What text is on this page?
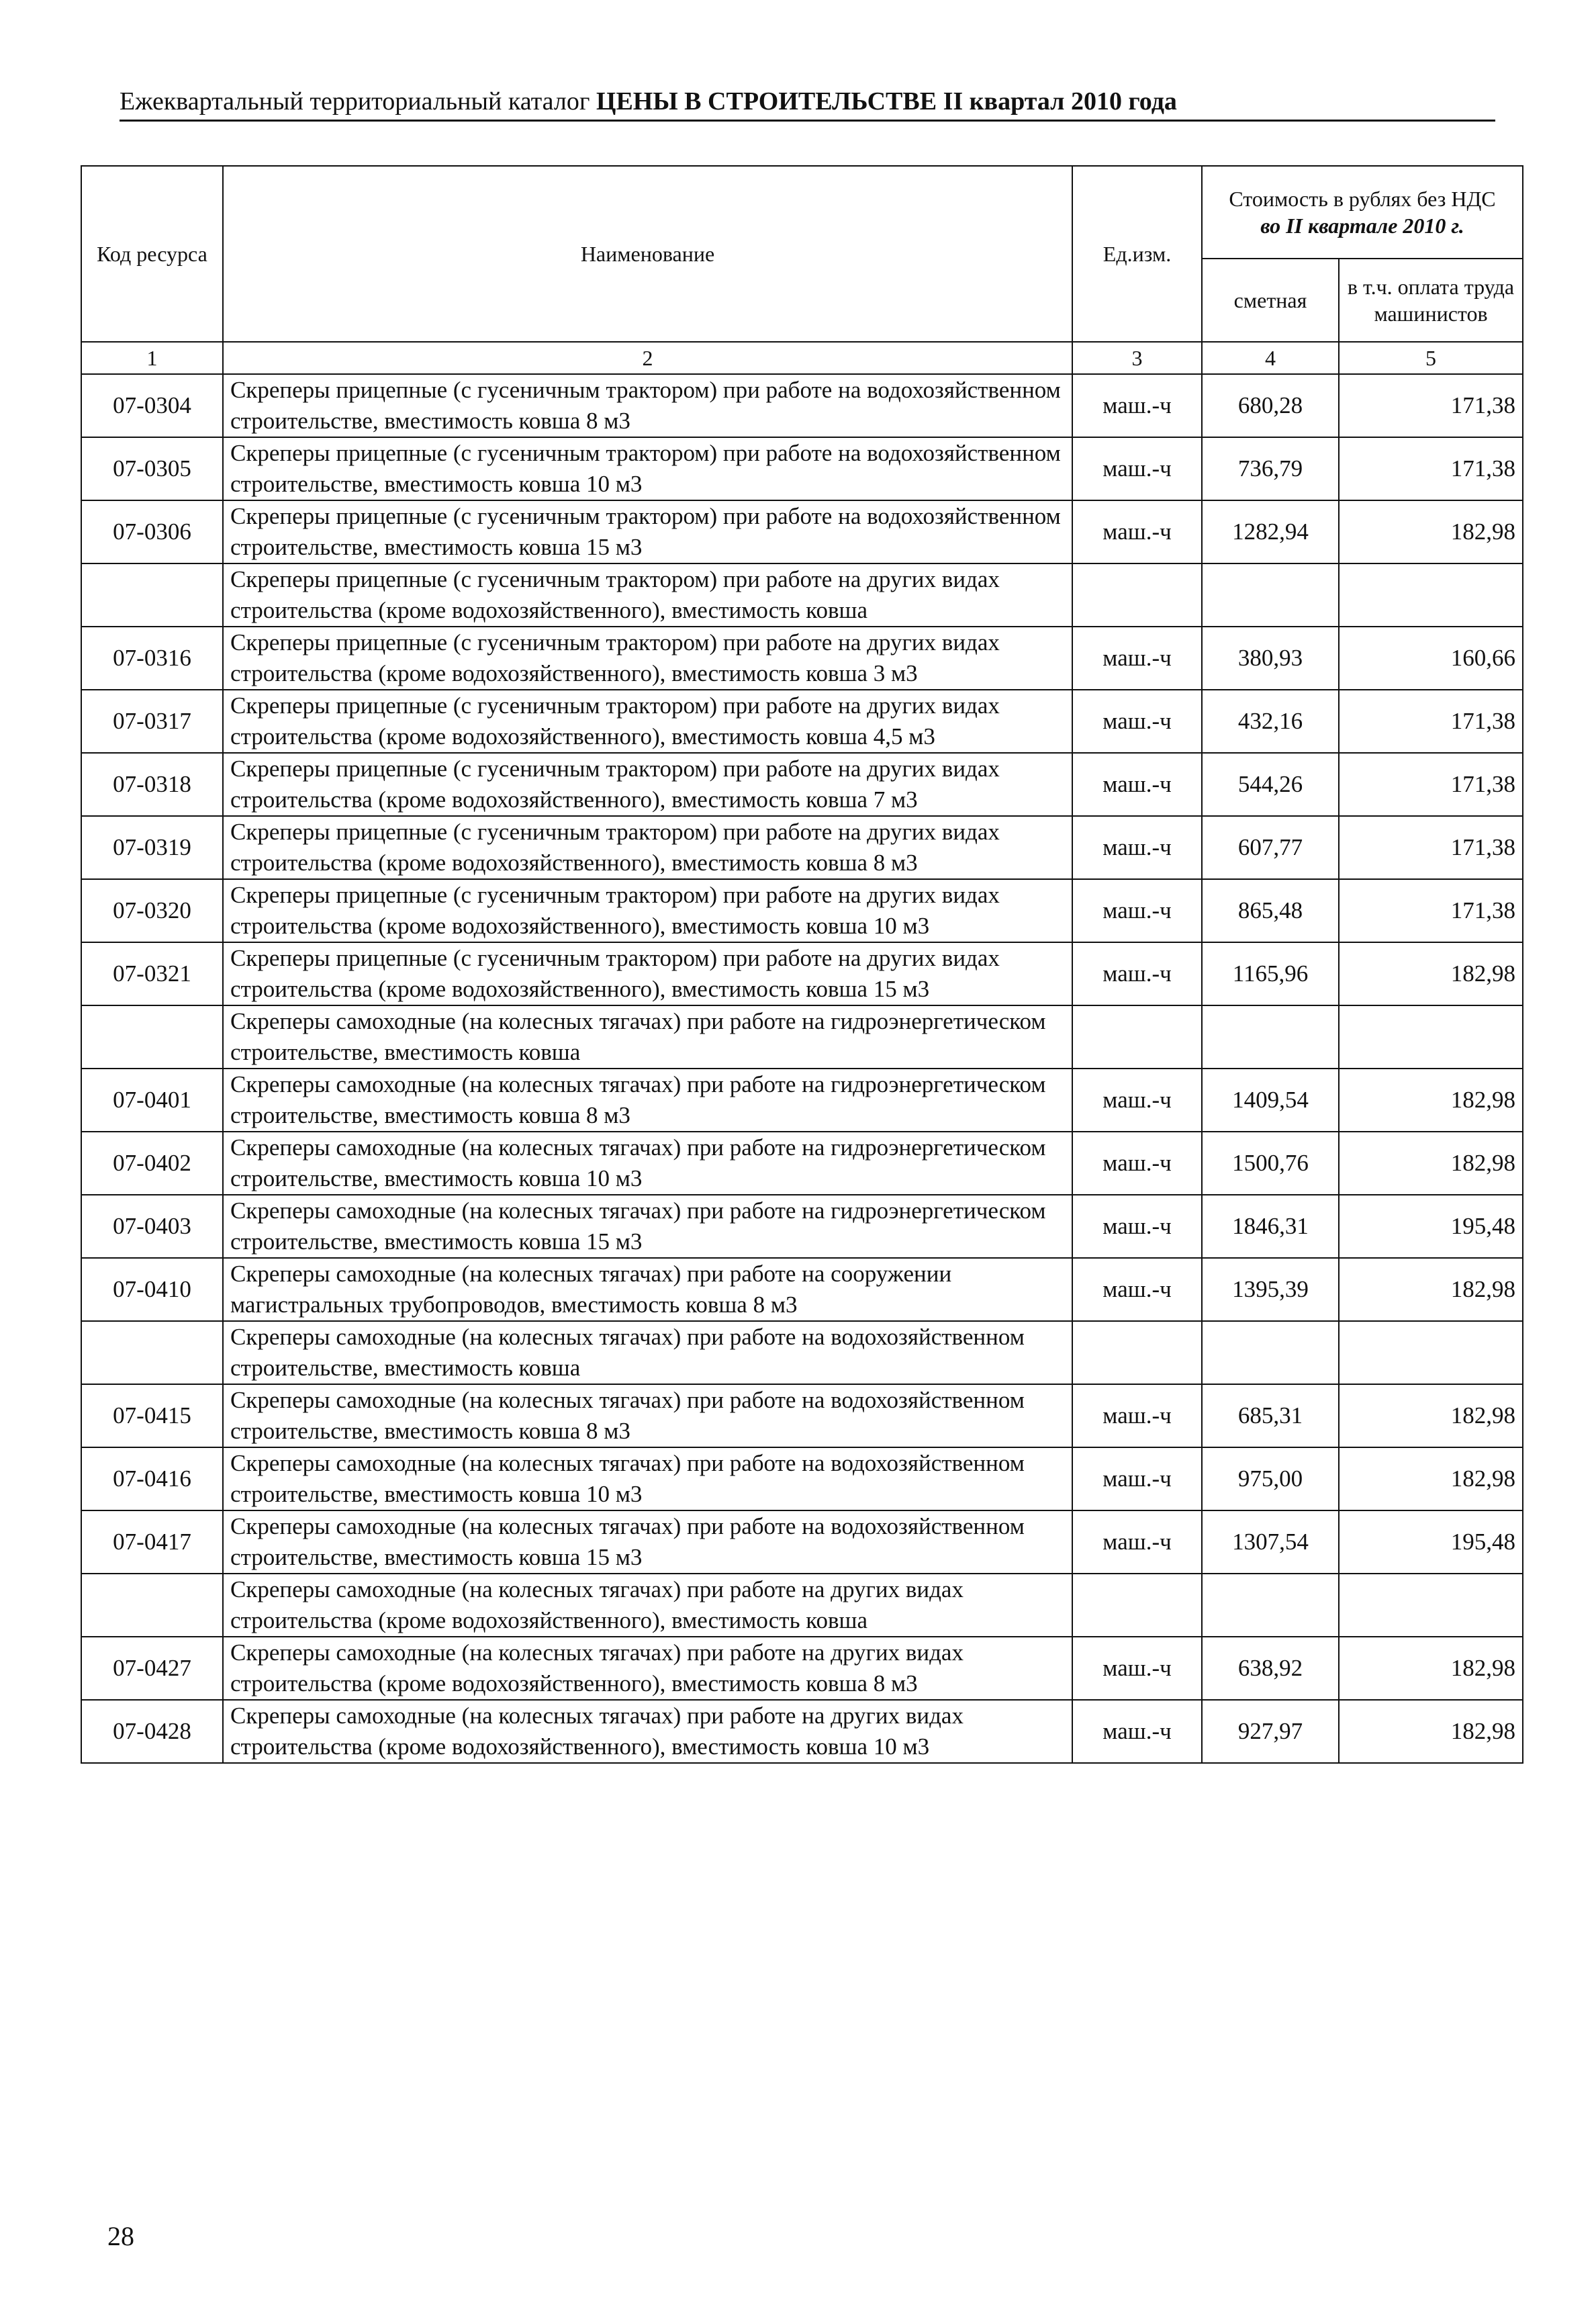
Ежеквартальный территориальный каталог ЦЕНЫ В СТРОИТЕЛЬСТВЕ II квартал 2010 года
Код ресурса	Наименование	Ед.изм.	Стоимость в рублях без НДС
во II квартале 2010 г.	

			сметная	в т.ч. оплата труда машинистов
1	2	3	4	5
07-0304	Скреперы прицепные (с гусеничным трактором) при работе на водохозяйственном строительстве, вместимость ковша 8 м3	маш.-ч	680,28	171,38
07-0305	Скреперы прицепные (с гусеничным трактором) при работе на водохозяйственном строительстве, вместимость ковша 10 м3	маш.-ч	736,79	171,38
07-0306	Скреперы прицепные (с гусеничным трактором) при работе на водохозяйственном строительстве, вместимость ковша 15 м3	маш.-ч	1282,94	182,98
	Скреперы прицепные (с гусеничным трактором) при работе на других видах строительства (кроме водохозяйственного), вместимость ковша			
07-0316	Скреперы прицепные (с гусеничным трактором) при работе на других видах строительства (кроме водохозяйственного), вместимость ковша 3 м3	маш.-ч	380,93	160,66
07-0317	Скреперы прицепные (с гусеничным трактором) при работе на других видах строительства (кроме водохозяйственного), вместимость ковша 4,5 м3	маш.-ч	432,16	171,38
07-0318	Скреперы прицепные (с гусеничным трактором) при работе на других видах строительства (кроме водохозяйственного), вместимость ковша 7 м3	маш.-ч	544,26	171,38
07-0319	Скреперы прицепные (с гусеничным трактором) при работе на других видах строительства (кроме водохозяйственного), вместимость ковша 8 м3	маш.-ч	607,77	171,38
07-0320	Скреперы прицепные (с гусеничным трактором) при работе на других видах строительства (кроме водохозяйственного), вместимость ковша 10 м3	маш.-ч	865,48	171,38
07-0321	Скреперы прицепные (с гусеничным трактором) при работе на других видах строительства (кроме водохозяйственного), вместимость ковша 15 м3	маш.-ч	1165,96	182,98
	Скреперы самоходные (на колесных тягачах) при работе на гидроэнергетическом строительстве, вместимость ковша			
07-0401	Скреперы самоходные (на колесных тягачах) при работе на гидроэнергетическом строительстве, вместимость ковша 8 м3	маш.-ч	1409,54	182,98
07-0402	Скреперы самоходные (на колесных тягачах) при работе на гидроэнергетическом строительстве, вместимость ковша 10 м3	маш.-ч	1500,76	182,98
07-0403	Скреперы самоходные (на колесных тягачах) при работе на гидроэнергетическом строительстве, вместимость ковша 15 м3	маш.-ч	1846,31	195,48
07-0410	Скреперы самоходные (на колесных тягачах) при работе на сооружении магистральных трубопроводов, вместимость ковша 8 м3	маш.-ч	1395,39	182,98
	Скреперы самоходные (на колесных тягачах) при работе на водохозяйственном строительстве, вместимость ковша			
07-0415	Скреперы самоходные (на колесных тягачах) при работе на водохозяйственном строительстве, вместимость ковша 8 м3	маш.-ч	685,31	182,98
07-0416	Скреперы самоходные (на колесных тягачах) при работе на водохозяйственном строительстве, вместимость ковша 10 м3	маш.-ч	975,00	182,98
07-0417	Скреперы самоходные (на колесных тягачах) при работе на водохозяйственном строительстве, вместимость ковша 15 м3	маш.-ч	1307,54	195,48
	Скреперы самоходные (на колесных тягачах) при работе на других видах строительства (кроме водохозяйственного), вместимость ковша			
07-0427	Скреперы самоходные (на колесных тягачах) при работе на других видах строительства (кроме водохозяйственного), вместимость ковша 8 м3	маш.-ч	638,92	182,98
07-0428	Скреперы самоходные (на колесных тягачах) при работе на других видах строительства (кроме водохозяйственного), вместимость ковша 10 м3	маш.-ч	927,97	182,98
28
